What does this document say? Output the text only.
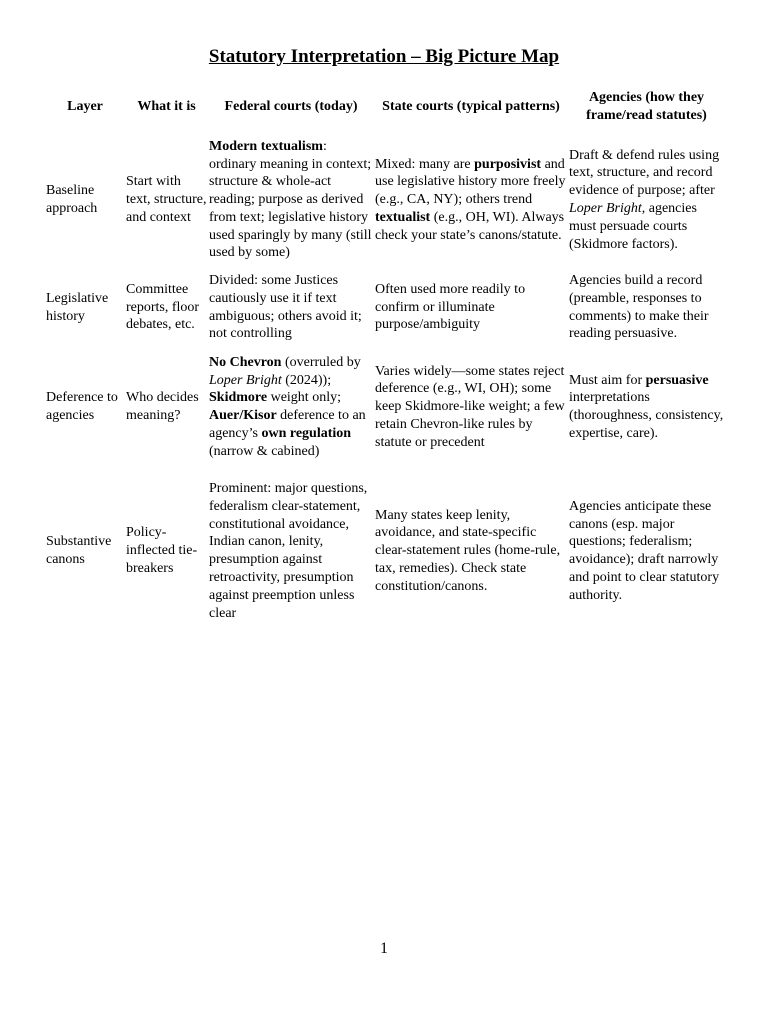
Statutory Interpretation – Big Picture Map
Layer	What it is	Federal courts (today)	State courts (typical patterns)	Agencies (how they frame/read statutes)
Baseline approach	Start with text, structure, and context	Modern textualism: ordinary meaning in context; structure & whole-act reading; purpose as derived from text; legislative history used sparingly by many (still used by some)	Mixed: many are purposivist and use legislative history more freely (e.g., CA, NY); others trend textualist (e.g., OH, WI). Always check your state’s canons/statute.	Draft & defend rules using text, structure, and record evidence of purpose; after Loper Bright, agencies must persuade courts (Skidmore factors).
Legislative history	Committee reports, floor debates, etc.	Divided: some Justices cautiously use it if text ambiguous; others avoid it; not controlling	Often used more readily to confirm or illuminate purpose/ambiguity	Agencies build a record (preamble, responses to comments) to make their reading persuasive.
Deference to agencies	Who decides meaning?	No Chevron (overruled by Loper Bright (2024)); Skidmore weight only; Auer/Kisor deference to an agency’s own regulation (narrow & cabined)	Varies widely—some states reject deference (e.g., WI, OH); some keep Skidmore-like weight; a few retain Chevron-like rules by statute or precedent	Must aim for persuasive interpretations (thoroughness, consistency, expertise, care).
Substantive canons	Policy-inflected tie-breakers	Prominent: major questions, federalism clear-statement, constitutional avoidance, Indian canon, lenity, presumption against retroactivity, presumption against preemption unless clear	Many states keep lenity, avoidance, and state-specific clear-statement rules (home-rule, tax, remedies). Check state constitution/canons.	Agencies anticipate these canons (esp. major questions; federalism; avoidance); draft narrowly and point to clear statutory authority.
1
